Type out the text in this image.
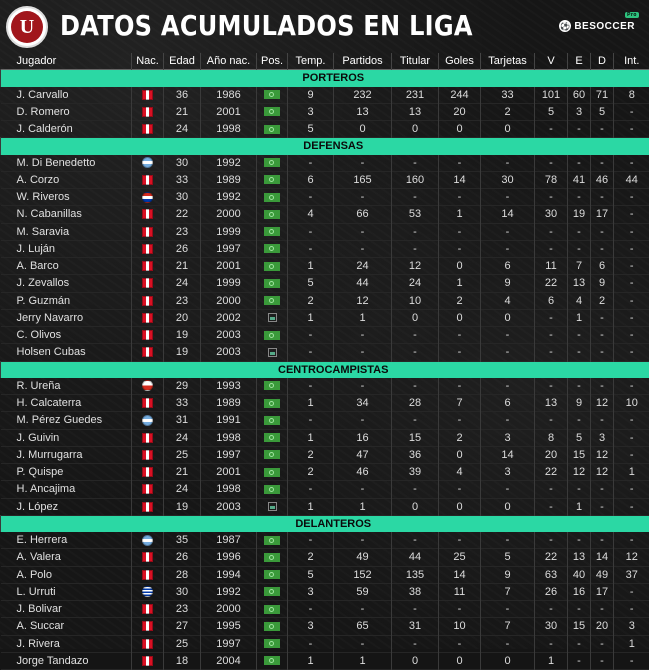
U DATOS ACUMULADOS EN LIGA	⚽ BESOCCER
Pro
Jugador	Nac.	Edad	Año nac.	Pos.	Temp.	Partidos	Titular	Goles	Tarjetas	V	E	D	Int.
PORTEROS													
J. Carvallo		36	1986		9	232	231	244	33	101	60	71	8
D. Romero		21	2001		3	13	13	20	2	5	3	5	-
J. Calderón		24	1998		5	0	0	0	0	-	-	-	-
DEFENSAS													
M. Di Benedetto		30	1992		-	-	-	-	-	-	-	-	-
A. Corzo		33	1989		6	165	160	14	30	78	41	46	44
W. Riveros		30	1992		-	-	-	-	-	-	-	-	-
N. Cabanillas		22	2000		4	66	53	1	14	30	19	17	-
M. Saravia		23	1999		-	-	-	-	-	-	-	-	-
J. Luján		26	1997		-	-	-	-	-	-	-	-	-
A. Barco		21	2001		1	24	12	0	6	11	7	6	-
J. Zevallos		24	1999		5	44	24	1	9	22	13	9	-
P. Guzmán		23	2000		2	12	10	2	4	6	4	2	-
Jerry Navarro		20	2002		1	1	0	0	0	-	1	-	-
C. Olivos		19	2003		-	-	-	-	-	-	-	-	-
Holsen Cubas		19	2003		-	-	-	-	-	-	-	-	-
CENTROCAMPISTAS													
R. Ureña		29	1993		-	-	-	-	-	-	-	-	-
H. Calcaterra		33	1989		1	34	28	7	6	13	9	12	10
M. Pérez Guedes		31	1991		-	-	-	-	-	-	-	-	-
J. Guivin		24	1998		1	16	15	2	3	8	5	3	-
J. Murrugarra		25	1997		2	47	36	0	14	20	15	12	-
P. Quispe		21	2001		2	46	39	4	3	22	12	12	1
H. Ancajima		24	1998		-	-	-	-	-	-	-	-	-
J. López		19	2003		1	1	0	0	0	-	1	-	-
DELANTEROS													
E. Herrera		35	1987		-	-	-	-	-	-	-	-	-
A. Valera		26	1996		2	49	44	25	5	22	13	14	12
A. Polo		28	1994		5	152	135	14	9	63	40	49	37
L. Urruti		30	1992		3	59	38	11	7	26	16	17	-
J. Bolivar		23	2000		-	-	-	-	-	-	-	-	-
A. Succar		27	1995		3	65	31	10	7	30	15	20	3
J. Rivera		25	1997		-	-	-	-	-	-	-	-	1
Jorge Tandazo		18	2004		1	1	0	0	0	1	-	-	-
